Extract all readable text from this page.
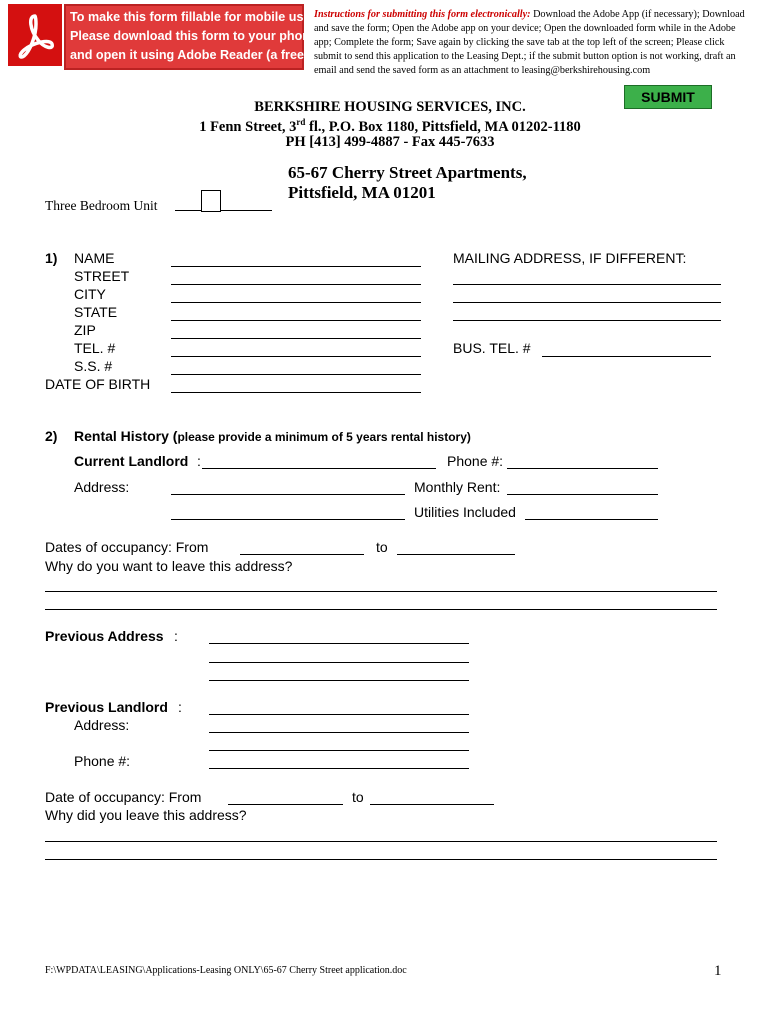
To make this form fillable for mobile users:
Please download this form to your phone
and open it using Adobe Reader (a free app)
Instructions for submitting this form electronically: Download the Adobe App (if necessary); Download and save the form; Open the Adobe app on your device; Open the downloaded form while in the Adobe app; Complete the form; Save again by clicking the save tab at the top left of the screen; Please click submit to send this application to the Leasing Dept.; if the submit button option is not working, draft an email and send the saved form as an attachment to leasing@berkshirehousing.com
SUBMIT
BERKSHIRE HOUSING SERVICES, INC.
1 Fenn Street, 3rd fl., P.O. Box 1180, Pittsfield, MA 01202-1180
PH [413] 499-4887 - Fax 445-7633
65-67 Cherry Street Apartments,
Pittsfield, MA 01201
Three Bedroom Unit
1) NAME
STREET
CITY
STATE
ZIP
TEL. #
S.S. #
DATE OF BIRTH
MAILING ADDRESS, IF DIFFERENT:
BUS. TEL. #
2) Rental History (please provide a minimum of 5 years rental history)
Current Landlord :	Phone #:
Address:	Monthly Rent:
Utilities Included
Dates of occupancy: From	to
Why do you want to leave this address?
Previous Address :
Previous Landlord :
Address:
Phone #:
Date of occupancy: From	to
Why did you leave this address?
F:\WPDATA\LEASING\Applications-Leasing ONLY\65-67 Cherry Street application.doc	1
